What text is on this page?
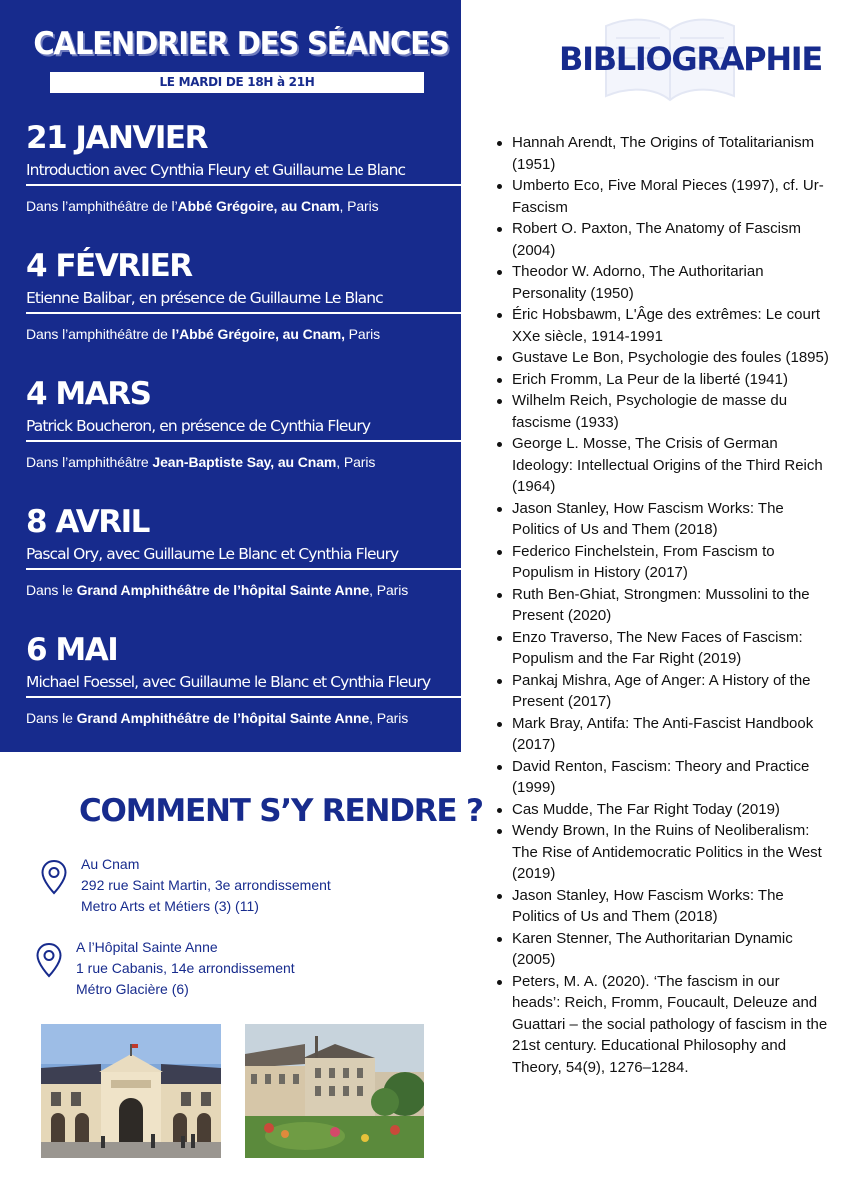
CALENDRIER DES SÉANCES
LE MARDI DE 18H à 21H
21 JANVIER
Introduction avec Cynthia Fleury et Guillaume Le Blanc
Dans l’amphithéâtre de l’Abbé Grégoire, au Cnam, Paris
4 FÉVRIER
Etienne Balibar, en présence de Guillaume Le Blanc
Dans l’amphithéâtre de l’Abbé Grégoire, au Cnam, Paris
4 MARS
Patrick Boucheron, en présence de Cynthia Fleury
Dans l’amphithéâtre Jean-Baptiste Say, au Cnam, Paris
8 AVRIL
Pascal Ory, avec Guillaume Le Blanc et Cynthia Fleury
Dans le Grand Amphithéâtre de l’hôpital Sainte Anne, Paris
6 MAI
Michael Foessel, avec Guillaume le Blanc et Cynthia Fleury
Dans le Grand Amphithéâtre de l’hôpital Sainte Anne, Paris
COMMENT S’Y RENDRE ?
Au Cnam
292 rue Saint Martin, 3e arrondissement
Metro Arts et Métiers (3) (11)
A l’Hôpital Sainte Anne
1 rue Cabanis, 14e arrondissement
Métro Glacière (6)
BIBLIOGRAPHIE
Hannah Arendt, The Origins of Totalitarianism (1951)
Umberto Eco, Five Moral Pieces (1997), cf. Ur-Fascism
Robert O. Paxton, The Anatomy of Fascism (2004)
Theodor W. Adorno, The Authoritarian Personality (1950)
Éric Hobsbawm, L'Âge des extrêmes: Le court XXe siècle, 1914-1991
Gustave Le Bon, Psychologie des foules (1895)
Erich Fromm, La Peur de la liberté (1941)
Wilhelm Reich, Psychologie de masse du fascisme (1933)
George L. Mosse, The Crisis of German Ideology: Intellectual Origins of the Third Reich (1964)
Jason Stanley, How Fascism Works: The Politics of Us and Them (2018)
Federico Finchelstein, From Fascism to Populism in History (2017)
Ruth Ben-Ghiat, Strongmen: Mussolini to the Present (2020)
Enzo Traverso, The New Faces of Fascism: Populism and the Far Right (2019)
Pankaj Mishra, Age of Anger: A History of the Present (2017)
Mark Bray, Antifa: The Anti-Fascist Handbook (2017)
David Renton, Fascism: Theory and Practice (1999)
Cas Mudde, The Far Right Today (2019)
Wendy Brown, In the Ruins of Neoliberalism: The Rise of Antidemocratic Politics in the West (2019)
Jason Stanley, How Fascism Works: The Politics of Us and Them (2018)
Karen Stenner, The Authoritarian Dynamic (2005)
Peters, M. A. (2020). ‘The fascism in our heads’: Reich, Fromm, Foucault, Deleuze and Guattari – the social pathology of fascism in the 21st century. Educational Philosophy and Theory, 54(9), 1276–1284.
